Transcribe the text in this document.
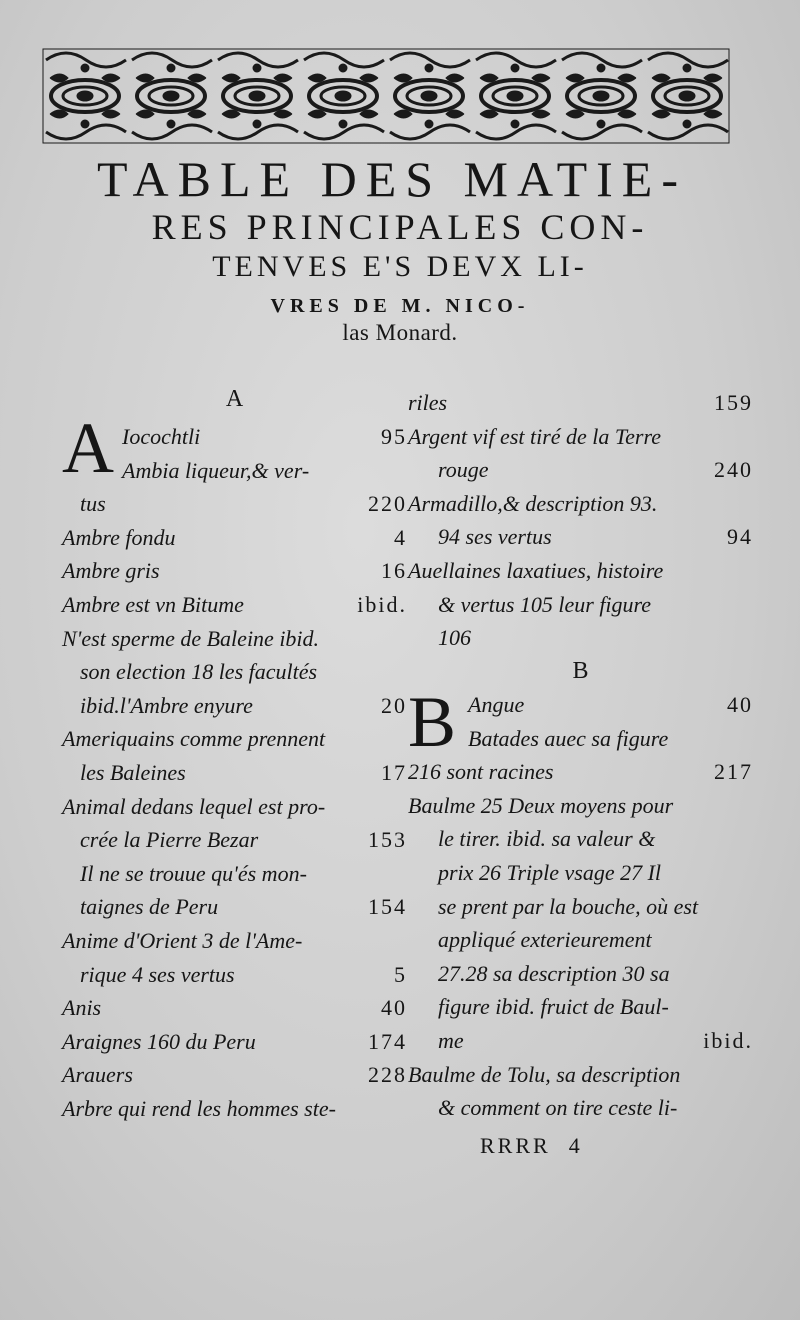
TABLE DES MATIE-
RES PRINCIPALES CON-
TENVES E'S DEVX LI-
VRES DE M. NICO-
las Monard.
A
A Iocochtli	95
Ambia liqueur,& ver-
tus	220
Ambre fondu	4
Ambre gris	16
Ambre est vn Bitume	ibid.
N'est sperme de Baleine ibid.
son election 18 les facultés
ibid.l'Ambre enyure	20
Ameriquains comme prennent
les Baleines	17
Animal dedans lequel est pro-
crée la Pierre Bezar	153
Il ne se trouue qu'és mon-
taignes de Peru	154
Anime d'Orient 3 de l'Ame-
rique 4 ses vertus	5
Anis	40
Araignes 160 du Peru	174
Arauers	228
Arbre qui rend les hommes ste-
riles	159
Argent vif est tiré de la Terre
rouge	240
Armadillo,& description 93.
94 ses vertus	94
Auellaines laxatiues, histoire
& vertus 105 leur figure
106
B
B Angue	40
Batades auec sa figure
216 sont racines	217
Baulme 25 Deux moyens pour
le tirer. ibid. sa valeur &
prix 26 Triple vsage 27 Il
se prent par la bouche, où est
appliqué exterieurement
27.28 sa description 30 sa
figure ibid. fruict de Baul-
me	ibid.
Baulme de Tolu, sa description
& comment on tire ceste li-
RRRR 4
